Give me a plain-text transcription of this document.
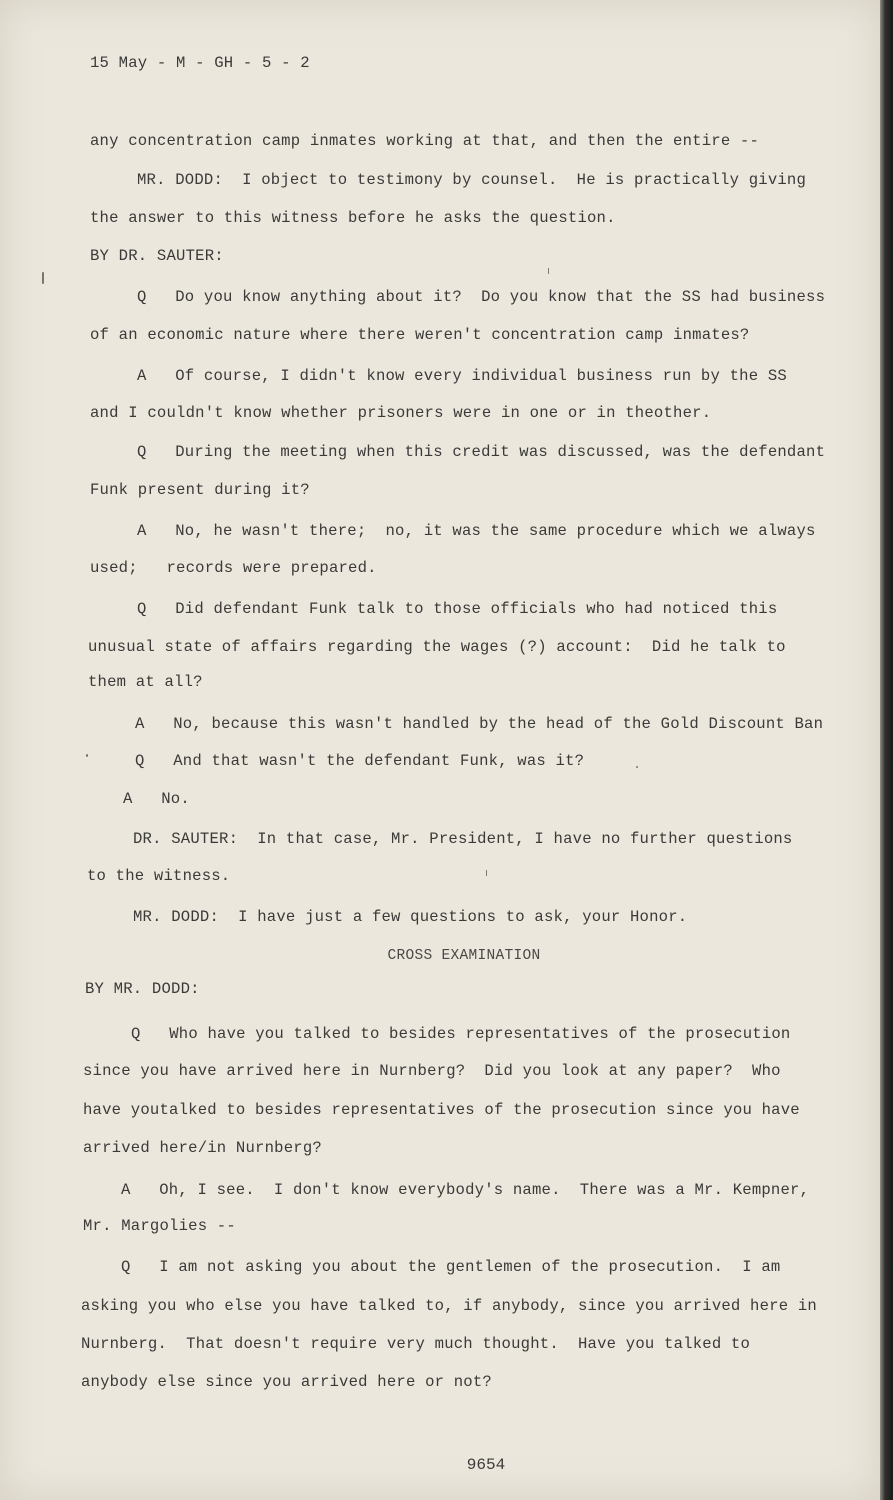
15 May - M - GH - 5 - 2
any concentration camp inmates working at that, and then the entire --
MR. DODD:  I object to testimony by counsel.  He is practically giving
the answer to this witness before he asks the question.
BY DR. SAUTER:
Q   Do you know anything about it?  Do you know that the SS had business
of an economic nature where there weren't concentration camp inmates?
A   Of course, I didn't know every individual business run by the SS
and I couldn't know whether prisoners were in one or in theother.
Q   During the meeting when this credit was discussed, was the defendant
Funk present during it?
A   No, he wasn't there;  no, it was the same procedure which we always
used;   records were prepared.
Q   Did defendant Funk talk to those officials who had noticed this
unusual state of affairs regarding the wages (?) account:  Did he talk to
them at all?
A   No, because this wasn't handled by the head of the Gold Discount Ban
Q   And that wasn't the defendant Funk, was it?
A   No.
DR. SAUTER:  In that case, Mr. President, I have no further questions
to the witness.
MR. DODD:  I have just a few questions to ask, your Honor.
CROSS EXAMINATION
BY MR. DODD:
Q   Who have you talked to besides representatives of the prosecution
since you have arrived here in Nurnberg?  Did you look at any paper?  Who
have youtalked to besides representatives of the prosecution since you have
arrived here/in Nurnberg?
A   Oh, I see.  I don't know everybody's name.  There was a Mr. Kempner,
Mr. Margolies --
Q   I am not asking you about the gentlemen of the prosecution.  I am
asking you who else you have talked to, if anybody, since you arrived here in
Nurnberg.  That doesn't require very much thought.  Have you talked to
anybody else since you arrived here or not?
9654
